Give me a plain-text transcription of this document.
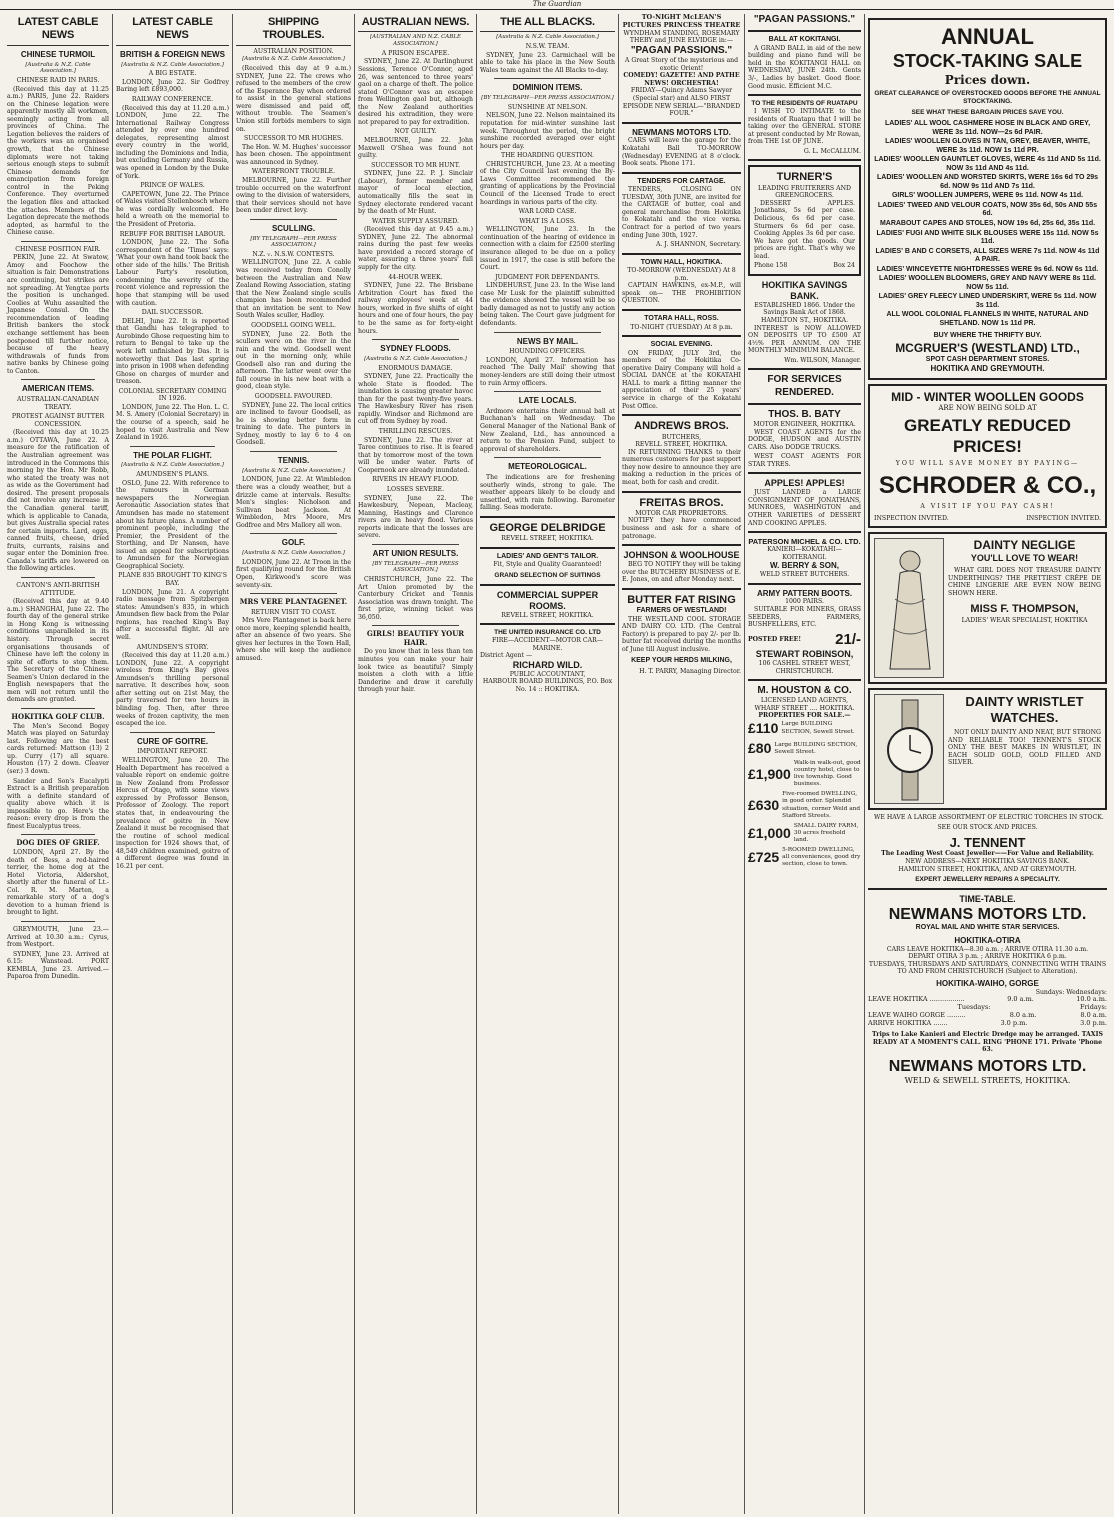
The Guardian
LATEST CABLE NEWS
CHINESE TURMOIL
[Australia & N.Z. Cable Association.]
CHINESE RAID IN PARIS.
(Received this day at 11.25 a.m.) PARIS, June 22. Raiders on the Chinese legation were apparently mostly all workmen, seemingly acting from all provinces of China. The Legation believes the raiders of the workers was an organised growth, that the Chinese diplomats were not taking serious enough steps to submit Chinese demands for emancipation from foreign control in the Peking Conference. They overturned the legation files and attacked the attaches. Members of the Legation deprecate the methods adopted, as harmful to the Chinese cause.
CHINESE POSITION FAIR.
PEKIN, June 22. At Swatow, Amoy and Foochow the situation is fair. Demonstrations are continuing, but strikes are not spreading. At Yengtze ports the position is unchanged. Coolies at Wuhu assaulted the Japanese Consul. On the recommendation of leading British bankers the stock exchange settlement has been postponed till further notice, because of the heavy withdrawals of funds from native banks by Chinese going to Canton.
AMERICAN ITEMS.
AUSTRALIAN-CANADIAN TREATY.
PROTEST AGAINST BUTTER CONCESSION.
(Received this day at 10.25 a.m.) OTTAWA, June 22. A measure for the ratification of the Australian agreement was introduced in the Commons this morning by the Hon. Mr Robb, who stated the treaty was not as wide as the Government had desired. The present proposals did not involve any increase in the Canadian general tariff, which is applicable to Canada, but gives Australia special rates for certain imports. Lard, eggs, canned fruits, cheese, dried fruits, currants, raisins and sugar enter the Dominion free. Canada's tariffs are lowered on the following articles.
CANTON'S ANTI-BRITISH ATTITUDE.
(Received this day at 9.40 a.m.) SHANGHAI, June 22. The fourth day of the general strike in Hong Kong is witnessing conditions unparalleled in its history. Through secret organisations thousands of Chinese have left the colony in spite of efforts to stop them. The Secretary of the Chinese Seamen's Union declared in the English newspapers that the men will not return until the demands are granted.
HOKITIKA GOLF CLUB.
The Men's Second Bogey Match was played on Saturday last. Following are the best cards returned: Mattson (13) 2 up. Curry (17) all square. Houston (17) 2 down. Cleaver (ser.) 3 down.
Sander and Son's Eucalypti Extract is a British preparation with a definite standard of quality above which it is impossible to go. Here's the reason: every drop is from the finest Eucalyptus trees.
DOG DIES OF GRIEF.
LONDON, April 27. By the death of Bess, a red-haired terrier, the home dog at the Hotel Victoria, Aldershot, shortly after the funeral of Lt.-Col. R. M. Marten, a remarkable story of a dog's devotion to a human friend is brought to light.
GREYMOUTH, June 23.—Arrived at 10.30 a.m.: Cyrus, from Westport.
SYDNEY, June 23. Arrived at 6.15: Wanstead. PORT KEMBLA, June 23. Arrived.—Paparoa from Dunedin.
LATEST CABLE NEWS
BRITISH & FOREIGN NEWS
[Australia & N.Z. Cable Association.]
A BIG ESTATE.
LONDON, June 22. Sir Godfrey Baring left £893,000.
RAILWAY CONFERENCE.
(Received this day at 11.20 a.m.) LONDON, June 22. The International Railway Congress attended by over one hundred delegates, representing almost every country in the world, including the Dominions and India, but excluding Germany and Russia, was opened in London by the Duke of York.
PRINCE OF WALES.
CAPETOWN, June 22. The Prince of Wales visited Stellenbosch where he was cordially welcomed. He held a wreath on the memorial to the President of Pretoria.
REBUFF FOR BRITISH LABOUR.
LONDON, June 22. The Sofia correspondent of the 'Times' says: 'What your own hand took back the other side of the hills.' The British Labour Party's resolution, condemning the severity of the recent violence and repression the hope that stamping will be used with caution.
DAIL SUCCESSOR.
DELHI, June 22. It is reported that Gandhi has telegraphed to Aurobindo Ghose requesting him to return to Bengal to take up the work left unfinished by Das. It is noteworthy that Das last spring into prison in 1908 when defending Ghose on charges of murder and treason.
COLONIAL SECRETARY COMING IN 1926.
LONDON, June 22. The Hon. L. C. M. S. Amery (Colonial Secretary) in the course of a speech, said he hoped to visit Australia and New Zealand in 1926.
THE POLAR FLIGHT.
[Australia & N.Z. Cable Association.]
AMUNDSEN'S PLANS.
OSLO, June 22. With reference to the rumours in German newspapers the Norwegian Aeronautic Association states that Amundsen has made no statement about his future plans. A number of prominent people, including the Premier, the President of the Storthing, and Dr Nansen, have issued an appeal for subscriptions to Amundsen for the Norwegian Geographical Society.
PLANE 835 BROUGHT TO KING'S BAY.
LONDON, June 21. A copyright radio message from Spitzbergen states: Amundsen's 835, in which Amundsen flew back from the Polar regions, has reached King's Bay after a successful flight. All are well.
AMUNDSEN'S STORY.
(Received this day at 11.20 a.m.) LONDON, June 22. A copyright wireless from King's Bay gives Amundsen's thrilling personal narrative. It describes how, soon after setting out on 21st May, the party traversed for two hours in blinding fog. Then, after three weeks of frozen captivity, the men escaped the ice.
CURE OF GOITRE.
IMPORTANT REPORT.
WELLINGTON, June 20. The Health Department has received a valuable report on endemic goitre in New Zealand from Professor Hercus of Otago, with some views expressed by Professor Benson, Professor of Zoology. The report states that, in endeavouring the prevalence of goitre in New Zealand it must be recognised that the routine of school medical inspection for 1924 shows that, of 48,549 children examined, goitre of a different degree was found in 16.21 per cent.
SHIPPING TROUBLES.
AUSTRALIAN POSITION.
[Australia & N.Z. Cable Association.]
(Received this day at 9 a.m.) SYDNEY, June 22. The crews who refused to the members of the crew of the Esperance Bay when ordered to assist in the general stations were dismissed and paid off, without trouble. The Seamen's Union still forbids members to sign on.
SUCCESSOR TO MR HUGHES.
The Hon. W. M. Hughes' successor has been chosen. The appointment was announced in Sydney.
WATERFRONT TROUBLE.
MELBOURNE, June 22. Further trouble occurred on the waterfront owing to the division of watersiders, that their services should not have been under direct levy.
SCULLING.
[BY TELEGRAPH—PER PRESS ASSOCIATION.]
N.Z. v. N.S.W. CONTESTS.
WELLINGTON, June 22. A cable was received today from Conolly between the Australian and New Zealand Rowing Association, stating that the New Zealand single sculls champion has been recommended that an invitation be sent to New South Wales sculler, Hadley.
GOODSELL GOING WELL.
SYDNEY, June 22. Both the scullers were on the river in the rain and the wind. Goodsell went out in the morning only, while Goodsell also ran and during the afternoon. The latter went over the full course in his new boat with a good, clean style.
GOODSELL FAVOURED.
SYDNEY, June 22. The local critics are inclined to favour Goodsell, as he is showing better form in training to date. The punters in Sydney, mostly to lay 6 to 4 on Goodsell.
TENNIS.
[Australia & N.Z. Cable Association.]
LONDON, June 22. At Wimbledon there was a cloudy weather, but a drizzle came at intervals. Results: Men's singles: Nicholson and Sullivan beat Jackson. At Wimbledon, Mrs Moore, Mrs Godfree and Mrs Mallory all won.
GOLF.
[Australia & N.Z. Cable Association.]
LONDON, June 22. At Troon in the first qualifying round for the British Open, Kirkwood's score was seventy-six.
MRS VERE PLANTAGENET.
RETURN VISIT TO COAST.
Mrs Vere Plantagenet is back here once more, keeping splendid health, after an absence of two years. She gives her lectures in the Town Hall, where she will keep the audience amused.
AUSTRALIAN NEWS.
[AUSTRALIAN AND N.Z. CABLE ASSOCIATION.]
A PRISON ESCAPEE.
SYDNEY, June 22. At Darlinghurst Sessions, Terence O'Connor, aged 26, was sentenced to three years' gaol on a charge of theft. The police stated O'Connor was an escapee from Wellington gaol but, although the New Zealand authorities desired his extradition, they were not prepared to pay for extradition.
NOT GUILTY.
MELBOURNE, June 22. John Maxwell O'Shea was found not guilty.
SUCCESSOR TO MR HUNT.
SYDNEY, June 22. P. J. Sinclair (Labour), former member and mayor of local election, automatically fills the seat in Sydney electorate rendered vacant by the death of Mr Hunt.
WATER SUPPLY ASSURED.
(Received this day at 9.45 a.m.) SYDNEY, June 22. The abnormal rains during the past few weeks have provided a record storage of water, assuring a three years' full supply for the city.
44-HOUR WEEK.
SYDNEY, June 22. The Brisbane Arbitration Court has fixed the railway employees' week at 44 hours, worked in five shifts of eight hours and one of four hours, the pay to be the same as for forty-eight hours.
SYDNEY FLOODS.
[Australia & N.Z. Cable Association.]
ENORMOUS DAMAGE.
SYDNEY, June 22. Practically the whole State is flooded. The inundation is causing greater havoc than for the past twenty-five years. The Hawkesbury River has risen rapidly. Windsor and Richmond are cut off from Sydney by road.
THRILLING RESCUES.
SYDNEY, June 22. The river at Taree continues to rise. It is feared that by tomorrow most of the town will be under water. Parts of Coopernook are already inundated.
RIVERS IN HEAVY FLOOD.
LOSSES SEVERE.
SYDNEY, June 22. The Hawkesbury, Nepean, Macleay, Manning, Hastings and Clarence rivers are in heavy flood. Various reports indicate that the losses are severe.
ART UNION RESULTS.
[BY TELEGRAPH—PER PRESS ASSOCIATION.]
CHRISTCHURCH, June 22. The Art Union promoted by the Canterbury Cricket and Tennis Association was drawn tonight. The first prize, winning ticket was 36,050.
GIRLS! BEAUTIFY YOUR HAIR.
Do you know that in less than ten minutes you can make your hair look twice as beautiful? Simply moisten a cloth with a little Danderine and draw it carefully through your hair.
THE ALL BLACKS.
[Australia & N.Z. Cable Association.]
N.S.W. TEAM.
SYDNEY, June 23. Carmichael will be able to take his place in the New South Wales team against the All Blacks to-day.
DOMINION ITEMS.
[BY TELEGRAPH—PER PRESS ASSOCIATION.]
SUNSHINE AT NELSON.
NELSON, June 22. Nelson maintained its reputation for mid-winter sunshine last week. Throughout the period, the bright sunshine recorded averaged over eight hours per day.
THE HOARDING QUESTION.
CHRISTCHURCH, June 23. At a meeting of the City Council last evening the By-Laws Committee recommended the granting of applications by the Provincial Council of the Licensed Trade to erect hoardings in various parts of the city.
WAR LORD CASE.
WHAT IS A LOSS.
WELLINGTON, June 23. In the continuation of the hearing of evidence in connection with a claim for £2500 sterling insurance alleged to be due on a policy issued in 1917, the case is still before the Court.
JUDGMENT FOR DEFENDANTS.
LINDEHURST, June 23. In the Wise land case Mr Lusk for the plaintiff submitted the evidence showed the vessel will be so badly damaged as not to justify any action being taken. The Court gave judgment for defendants.
NEWS BY MAIL.
HOUNDING OFFICERS.
LONDON, April 27. Information has reached 'The Daily Mail' showing that money-lenders are still doing their utmost to ruin Army officers.
LATE LOCALS.
Ardmore entertains their annual ball at Buchanan's hall on Wednesday. The General Manager of the National Bank of New Zealand, Ltd., has announced a return to the Pension Fund, subject to approval of shareholders.
METEOROLOGICAL.
The indications are for freshening southerly winds, strong to gale. The weather appears likely to be cloudy and unsettled, with rain following. Barometer falling. Seas moderate.
GEORGE DELBRIDGE
REVELL STREET, HOKITIKA.
LADIES' AND GENT'S TAILOR.
Fit, Style and Quality Guaranteed!
GRAND SELECTION OF SUITINGS
COMMERCIAL SUPPER ROOMS.
REVELL STREET, HOKITIKA.
THE UNITED INSURANCE CO. LTD
FIRE—ACCIDENT—MOTOR CAR—MARINE.
District Agent —
RICHARD WILD.
PUBLIC ACCOUNTANT,
HARBOUR BOARD BUILDINGS, P.O. Box No. 14 :: HOKITIKA.
TO-NIGHT McLEAN'S PICTURES PRINCESS THEATRE
WYNDHAM STANDING, ROSEMARY THEBY and JUNE ELVIDGE in:—
"PAGAN PASSIONS."
A Great Story of the mysterious and exotic Orient!
COMEDY! GAZETTE! AND PATHE NEWS! ORCHESTRA!
FRIDAY—Quincy Adams Sawyer (Special star) and ALSO FIRST EPISODE NEW SERIAL—"BRANDED FOUR."
NEWMANS MOTORS LTD.
CARS will leave the garage for the Kokatahi Ball TO-MORROW (Wednesday) EVENING at 8 o'clock. Book seats. Phone 171.
TENDERS FOR CARTAGE.
TENDERS, CLOSING ON TUESDAY, 30th JUNE, are invited for the CARTAGE of butter, coal and general merchandise from Hokitika to Kokatahi and the vice versa. Contract for a period of two years ending June 30th, 1927.
A. J. SHANNON, Secretary.
TOWN HALL, HOKITIKA.
TO-MORROW (WEDNESDAY) At 8 p.m.
CAPTAIN HAWKINS, ex-M.P., will speak on— THE PROHIBITION QUESTION.
TOTARA HALL, ROSS.
TO-NIGHT (TUESDAY) At 8 p.m.
SOCIAL EVENING.
ON FRIDAY, JULY 3rd, the members of the Hokitika Co-operative Dairy Company will hold a SOCIAL DANCE at the KOKATAHI HALL to mark a fitting manner the appreciation of their 25 years' service in charge of the Kokatahi Post Office.
ANDREWS BROS.
BUTCHERS,
REVELL STREET, HOKITIKA.
IN RETURNING THANKS to their numerous customers for past support they now desire to announce they are making a reduction in the prices of meat, both for cash and credit.
FREITAS BROS.
MOTOR CAR PROPRIETORS.
NOTIFY they have commenced business and ask for a share of patronage.
JOHNSON & WOOLHOUSE
BEG TO NOTIFY they will be taking over the BUTCHERY BUSINESS of E. E. Jones, on and after Monday next.
BUTTER FAT RISING
FARMERS OF WESTLAND!
THE WESTLAND COOL STORAGE AND DAIRY CO. LTD. (The Central Factory) is prepared to pay 2/- per lb. butter fat received during the months of June till August inclusive.
KEEP YOUR HERDS MILKING,
H. T. PARRY, Managing Director.
"PAGAN PASSIONS."
BALL AT KOKITANGI.
A GRAND BALL in aid of the new building and piano fund will be held in the KOKITANGI HALL on WEDNESDAY, JUNE 24th. Gents 3/-, Ladies by basket. Good floor. Good music. Efficient M.C.
TO THE RESIDENTS OF RUATAPU
I WISH TO INTIMATE to the residents of Ruatapu that I will be taking over the GENERAL STORE at present conducted by Mr Rowan, from THE 1st OF JUNE.
G. L. McCALLUM.
TURNER'S
LEADING FRUITERERS AND GREENGROCERS.
DESSERT APPLES. Jonathans, 5s 6d per case. Delicious, 6s 6d per case. Sturmers 6s 6d per case. Cooking Apples 3s 6d per case. We have got the goods. Our prices are right. That's why we lead.
Phone 158	Box 24
HOKITIKA SAVINGS BANK.
ESTABLISHED 1866. Under the Savings Bank Act of 1868. HAMILTON ST., HOKITIKA.
INTEREST is NOW ALLOWED ON DEPOSITS UP TO £500 AT 4½% PER ANNUM. ON THE MONTHLY MINIMUM BALANCE.
Wm. WILSON, Manager.
FOR SERVICES RENDERED.
THOS. B. BATY
MOTOR ENGINEER, HOKITIKA.
WEST COAST AGENTS for the DODGE, HUDSON and AUSTIN CARS. Also DODGE TRUCKS.
WEST COAST AGENTS FOR STAR TYRES.
APPLES! APPLES!
JUST LANDED a LARGE CONSIGNMENT OF JONATHANS, MUNROES, WASHINGTON and OTHER VARIETIES of DESSERT AND COOKING APPLES.
PATERSON MICHEL & CO. LTD.
KANIERI—KOKATAHI—KOITERANGI.
W. BERRY & SON,
WELD STREET BUTCHERS.
ARMY PATTERN BOOTS.
1000 PAIRS.
SUITABLE FOR MINERS, GRASS SEEDERS, FARMERS, BUSHFELLERS, ETC.
POSTED FREE! 21/-
STEWART ROBINSON,
106 CASHEL STREET WEST,
CHRISTCHURCH.
M. HOUSTON & CO.
LICENSED LAND AGENTS,
WHARF STREET .... HOKITIKA.
PROPERTIES FOR SALE.—
£110 Large BUILDING SECTION, Sewell Street.
£80 Large BUILDING SECTION, Sewell Street.
£1,900
Walk-in walk-out, good country hotel, close to live township. Good business.
£630
Five-roomed DWELLING, in good order. Splendid situation, corner Weld and Stafford Streets.
£1,000 SMALL DAIRY FARM, 30 acres freehold land.
£725 5-ROOMED DWELLING, all conveniences, good dry section, close to town.
ANNUAL
STOCK-TAKING SALE
Prices down.
GREAT CLEARANCE OF OVERSTOCKED GOODS BEFORE THE ANNUAL STOCKTAKING.
SEE WHAT THESE BARGAIN PRICES SAVE YOU.
LADIES' ALL WOOL CASHMERE HOSE IN BLACK AND GREY, WERE 3s 11d. NOW—2s 6d PAIR.
LADIES' WOOLLEN GLOVES IN TAN, GREY, BEAVER, WHITE, WERE 3s 11d. NOW 1s 11d PR.
LADIES' WOOLLEN GAUNTLET GLOVES, WERE 4s 11d AND 5s 11d. NOW 3s 11d AND 4s 11d.
LADIES' WOOLLEN AND WORSTED SKIRTS, WERE 16s 6d TO 29s 6d. NOW 9s 11d AND 7s 11d.
GIRLS' WOOLLEN JUMPERS, WERE 9s 11d. NOW 4s 11d.
LADIES' TWEED AND VELOUR COATS, NOW 35s 6d, 50s AND 55s 6d.
MARABOUT CAPES AND STOLES, NOW 19s 6d, 25s 6d, 35s 11d.
LADIES' FUGI AND WHITE SILK BLOUSES WERE 15s 11d. NOW 5s 11d.
LADIES' B AND C CORSETS, ALL SIZES WERE 7s 11d. NOW 4s 11d A PAIR.
LADIES' WINCEYETTE NIGHTDRESSES WERE 9s 6d. NOW 6s 11d.
LADIES' WOOLLEN BLOOMERS, GREY AND NAVY WERE 8s 11d. NOW 5s 11d.
LADIES' GREY FLEECY LINED UNDERSKIRT, WERE 5s 11d. NOW 3s 11d.
ALL WOOL COLONIAL FLANNELS IN WHITE, NATURAL AND SHETLAND. NOW 1s 11d PR.
BUY WHERE THE THRIFTY BUY.
MCGRUER'S (WESTLAND) LTD.,
SPOT CASH DEPARTMENT STORES.
HOKITIKA AND GREYMOUTH.
MID - WINTER WOOLLEN GOODS
ARE NOW BEING SOLD AT
GREATLY REDUCED PRICES!
YOU WILL SAVE MONEY BY PAYING—
SCHRODER & CO.,
A VISIT IF YOU PAY CASH!
INSPECTION INVITED.	INSPECTION INVITED.
DAINTY NEGLIGE
YOU'LL LOVE TO WEAR!
WHAT GIRL DOES NOT TREASURE DAINTY UNDERTHINGS? THE PRETTIEST CRÊPE DE CHINE LINGERIE ARE EVEN NOW BEING SHOWN HERE.
MISS F. THOMPSON,
LADIES' WEAR SPECIALIST, HOKITIKA
DAINTY WRISTLET WATCHES.
NOT ONLY DAINTY AND NEAT, BUT STRONG AND RELIABLE TOO! TENNENT'S STOCK ONLY THE BEST MAKES IN WRISTLET, IN EACH SOLID GOLD, GOLD FILLED AND SILVER.
WE HAVE A LARGE ASSORTMENT OF ELECTRIC TORCHES IN STOCK.
SEE OUR STOCK AND PRICES.
J. TENNENT
The Leading West Coast Jeweller——For Value and Reliability.
NEW ADDRESS—NEXT HOKITIKA SAVINGS BANK.
HAMILTON STREET, HOKITIKA, AND AT GREYMOUTH.
EXPERT JEWELLERY REPAIRS A SPECIALITY.
TIME-TABLE.
NEWMANS MOTORS LTD.
ROYAL MAIL AND WHITE STAR SERVICES.
HOKITIKA-OTIRA
CARS LEAVE HOKITIKA—8.30 a.m. ; ARRIVE OTIRA 11.30 a.m.
DEPART OTIRA 3 p.m. ; ARRIVE HOKITIKA 6 p.m.
TUESDAYS, THURSDAYS AND SATURDAYS, CONNECTING WITH TRAINS TO AND FROM CHRISTCHURCH (Subject to Alteration).
HOKITIKA-WAIHO, GORGE
Sundays: Wednesdays:
LEAVE HOKITIKA .................	9.0 a.m.	10.0 a.m.
Tuesdays:	Fridays:
LEAVE WAIHO GORGE .........	8.0 a.m.	8.0 a.m.
ARRIVE HOKITIKA .......	3.0 p.m.	3.0 p.m.
Trips to Lake Kanieri and Electric Dredge may be arranged. TAXIS READY AT A MOMENT'S CALL. RING 'PHONE 171. Private 'Phone 63.
NEWMANS MOTORS LTD.
WELD & SEWELL STREETS, HOKITIKA.
